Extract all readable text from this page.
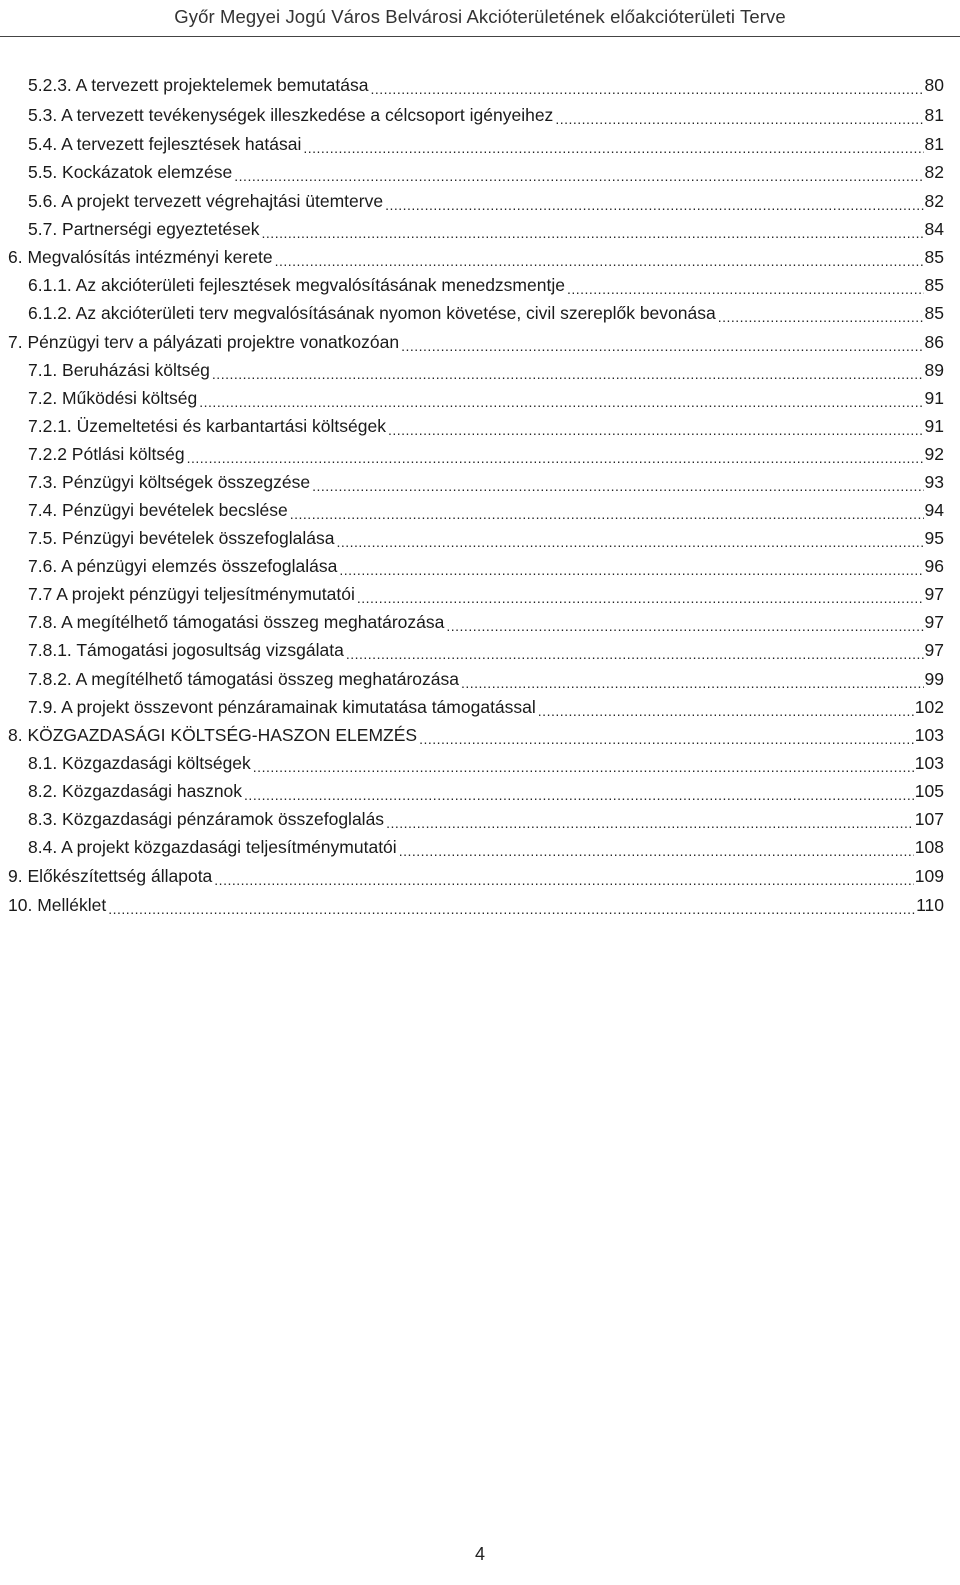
Győr Megyei Jogú Város Belvárosi Akcióterületének előakcióterületi Terve
5.2.3. A tervezett projektelemek bemutatása .....	80
5.3. A tervezett tevékenységek illeszkedése a célcsoport igényeihez .....	81
5.4. A tervezett fejlesztések hatásai .....	81
5.5. Kockázatok elemzése .....	82
5.6. A projekt tervezett végrehajtási ütemterve .....	82
5.7. Partnerségi egyeztetések .....	84
6. Megvalósítás intézményi kerete .....	85
6.1.1. Az akcióterületi fejlesztések megvalósításának menedzsmentje .....	85
6.1.2. Az akcióterületi terv megvalósításának nyomon követése, civil szereplők bevonása .....	85
7. Pénzügyi terv a pályázati projektre vonatkozóan .....	86
7.1. Beruházási költség .....	89
7.2. Működési költség .....	91
7.2.1. Üzemeltetési és karbantartási költségek .....	91
7.2.2 Pótlási költség .....	92
7.3. Pénzügyi költségek összegzése .....	93
7.4. Pénzügyi bevételek becslése .....	94
7.5. Pénzügyi bevételek összefoglalása .....	95
7.6. A pénzügyi elemzés összefoglalása .....	96
7.7 A projekt pénzügyi teljesítménymutatói .....	97
7.8. A megítélhető támogatási összeg meghatározása .....	97
7.8.1. Támogatási jogosultság vizsgálata .....	97
7.8.2. A megítélhető támogatási összeg meghatározása .....	99
7.9. A projekt összevont pénzáramainak kimutatása támogatással .....	102
8. KÖZGAZDASÁGI KÖLTSÉG-HASZON ELEMZÉS .....	103
8.1. Közgazdasági költségek .....	103
8.2. Közgazdasági hasznok .....	105
8.3. Közgazdasági pénzáramok összefoglalás .....	107
8.4. A projekt közgazdasági teljesítménymutatói .....	108
9. Előkészítettség állapota .....	109
10. Melléklet .....	110
4
